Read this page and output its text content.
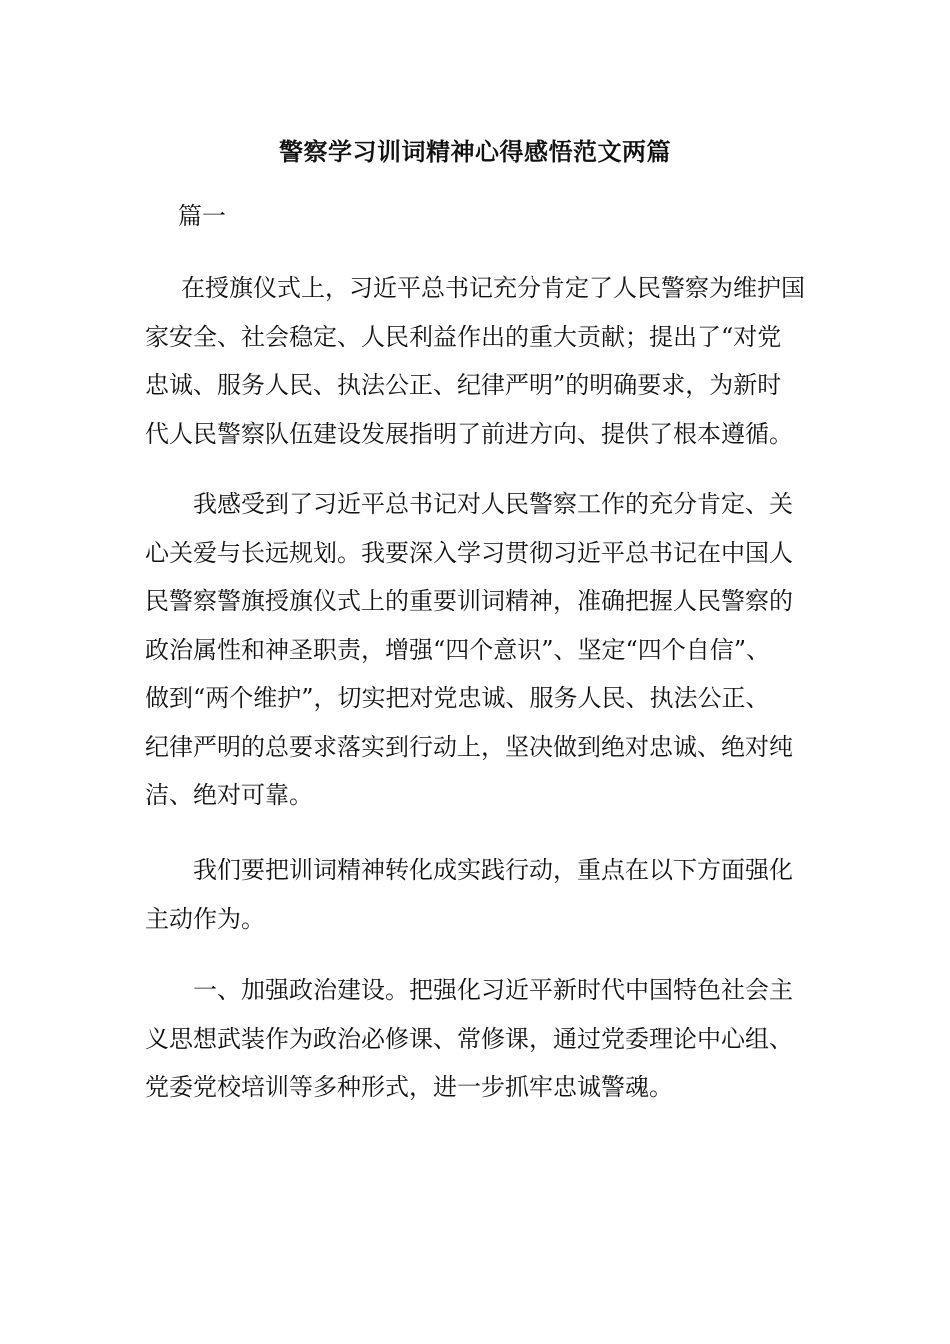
警察学习训词精神心得感悟范文两篇
篇一

在授旗仪式上，习近平总书记充分肯定了人民警察为维护国
家安全、社会稳定、人民利益作出的重大贡献；提出了“对党
忠诚、服务人民、执法公正、纪律严明”的明确要求，为新时
代人民警察队伍建设发展指明了前进方向、提供了根本遵循。

我感受到了习近平总书记对人民警察工作的充分肯定、关
心关爱与长远规划。我要深入学习贯彻习近平总书记在中国人
民警察警旗授旗仪式上的重要训词精神，准确把握人民警察的
政治属性和神圣职责，增强“四个意识”、坚定“四个自信”、
做到“两个维护”，切实把对党忠诚、服务人民、执法公正、
纪律严明的总要求落实到行动上，坚决做到绝对忠诚、绝对纯
洁、绝对可靠。

我们要把训词精神转化成实践行动，重点在以下方面强化
主动作为。

一、加强政治建设。把强化习近平新时代中国特色社会主
义思想武装作为政治必修课、常修课，通过党委理论中心组、
党委党校培训等多种形式，进一步抓牢忠诚警魂。
